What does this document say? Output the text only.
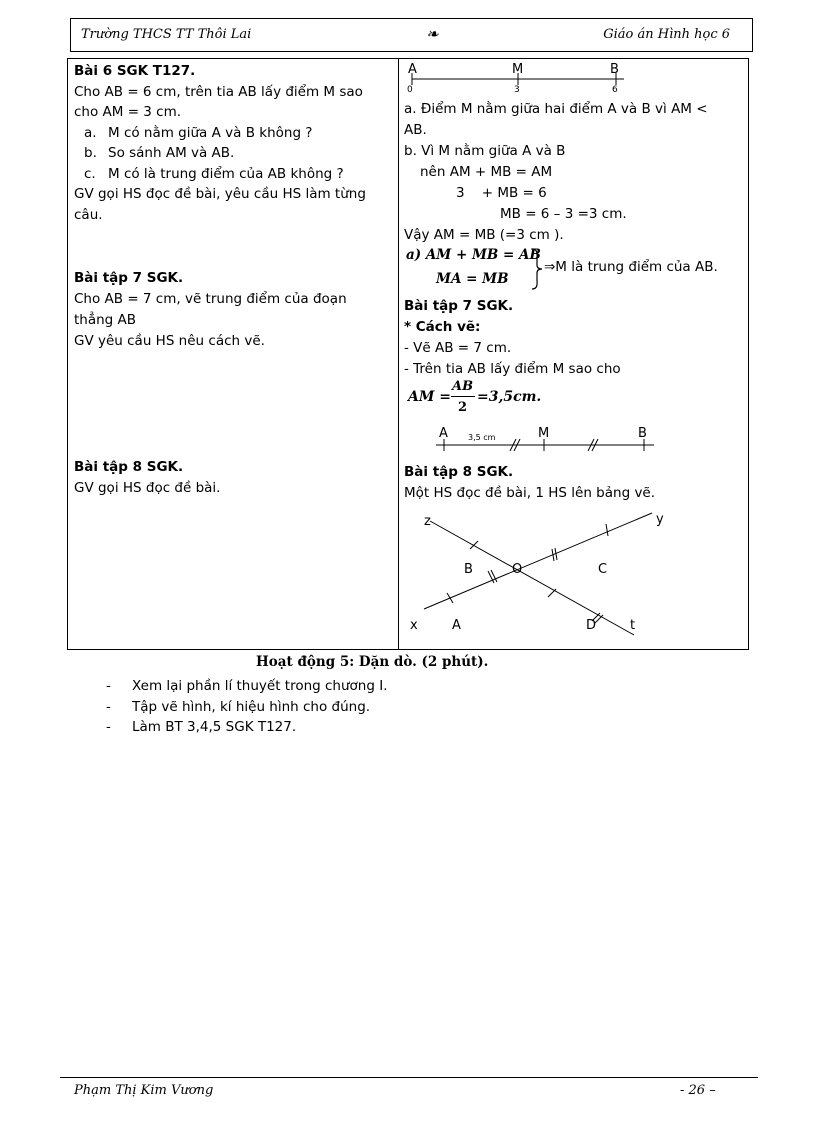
Trường THCS TT Thôi Lai	❧	Giáo án Hình học 6
Bài 6 SGK T127.
Cho AB = 6 cm, trên tia AB lấy điểm M sao
cho AM = 3 cm.
a. M có nằm giữa A và B không ?
b. So sánh AM và AB.
c. M có là trung điểm của AB không ?
GV gọi HS đọc đề bài, yêu cầu HS làm từng
câu.
Bài tập 7 SGK.
Cho AB = 7 cm, vẽ trung điểm của đoạn
thẳng AB
GV yêu cầu HS nêu cách vẽ.
Bài tập 8 SGK.
GV gọi HS đọc đề bài.
A	M	B
0	3	6
a. Điểm M nằm giữa hai điểm A và B vì AM <
AB.
b. Vì M nằm giữa A và B
nên AM + MB = AM
3    + MB = 6
MB = 6 – 3 =3 cm.
Vậy AM = MB (=3 cm ).
a) AM + MB = AB
MA = MB
⇒M là trung điểm của AB.
Bài tập 7 SGK.
* Cách vẽ:
- Vẽ AB = 7 cm.
- Trên tia AB lấy điểm M sao cho
AM =
AB
2
=3,5cm.
A	M	B
3,5 cm
Bài tập 8 SGK.
Một HS đọc đề bài, 1 HS lên bảng vẽ.
z	y
B	O	C
x	A	D	t
Hoạt động 5: Dặn dò. (2 phút).
- Xem lại phần lí thuyết trong chương I.
- Tập vẽ hình, kí hiệu hình cho đúng.
- Làm BT 3,4,5 SGK T127.
Phạm Thị Kim Vương	- 26 –
